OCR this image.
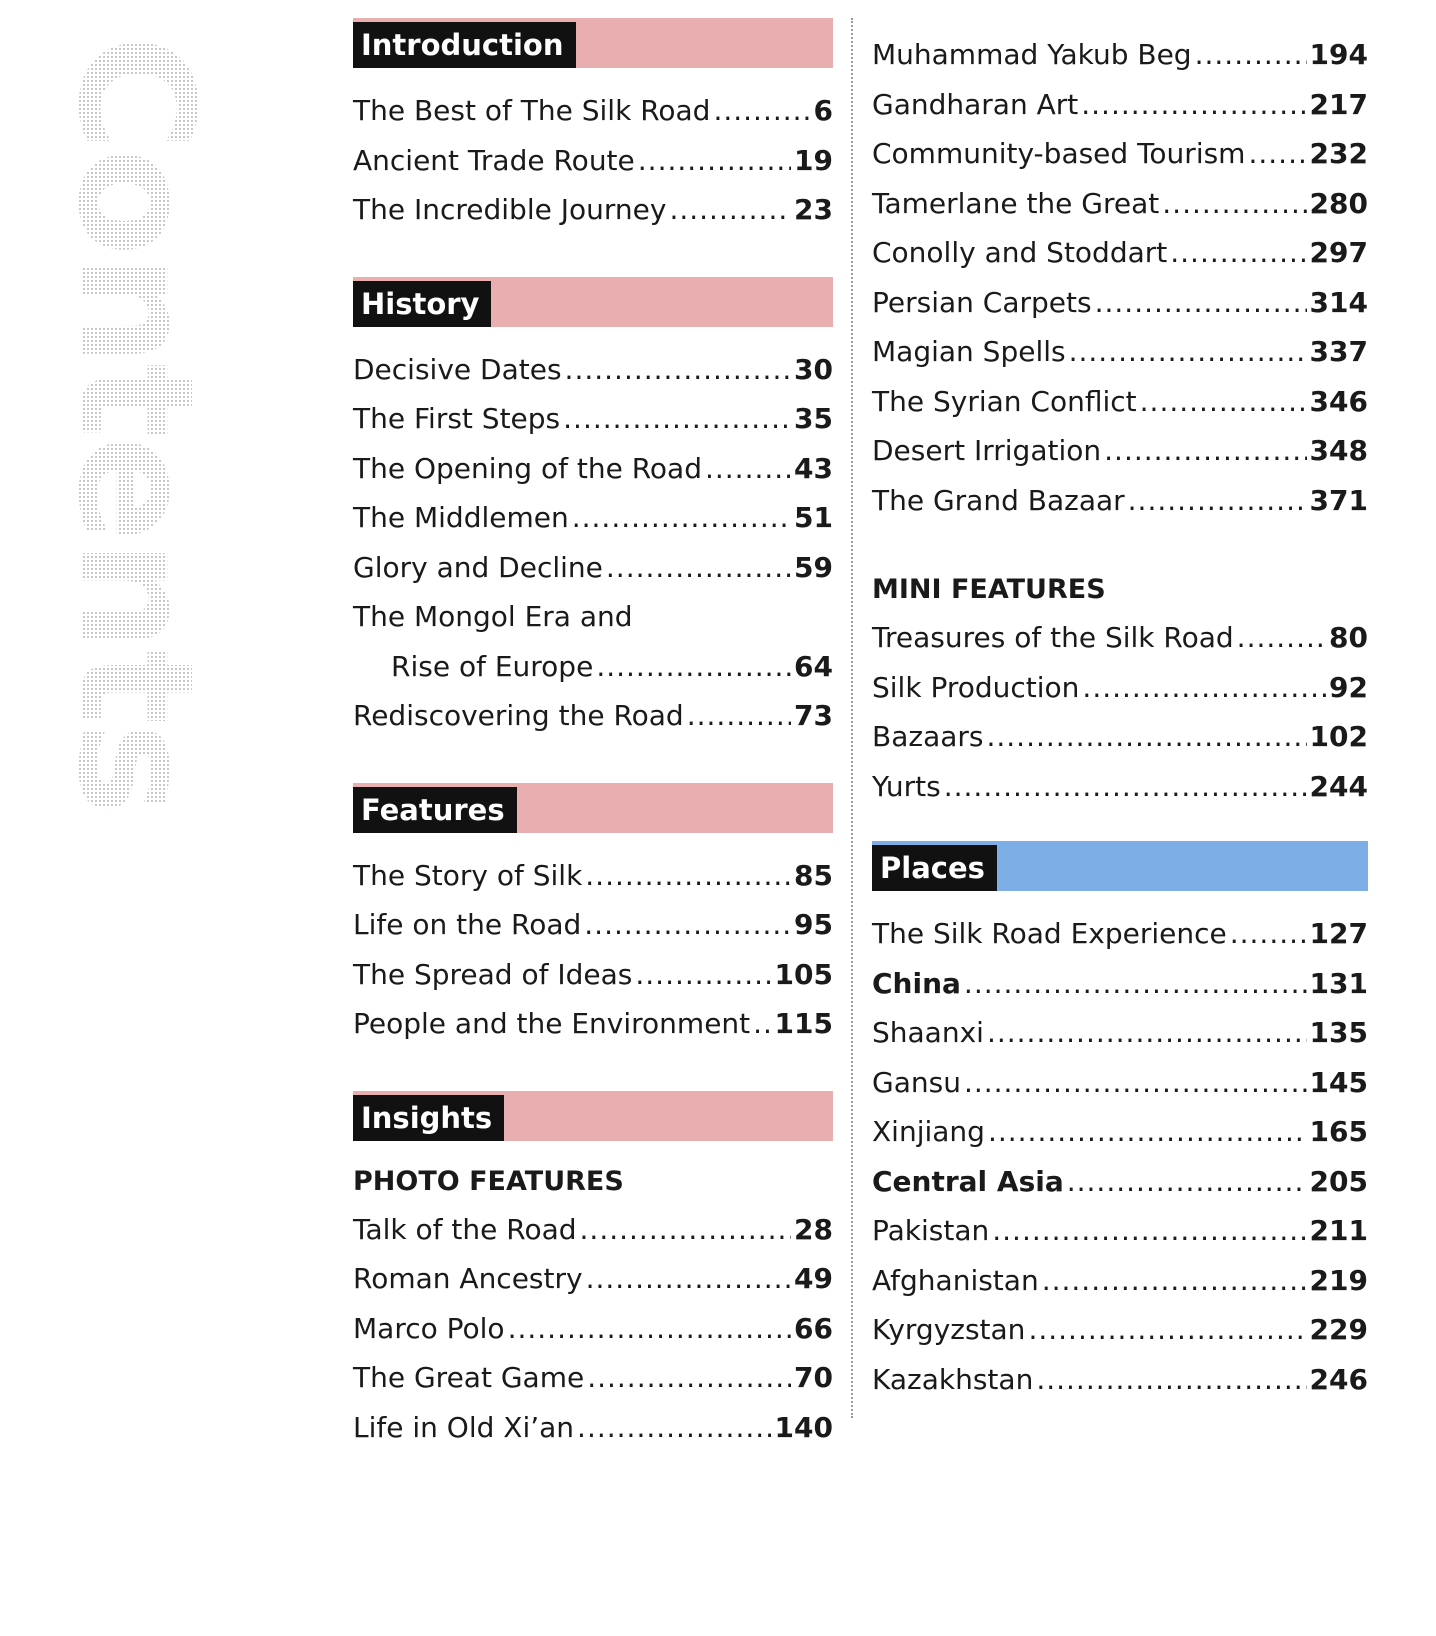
Contents	Introduction
The Best of The Silk Road .....	6
Ancient Trade Route .....	19
The Incredible Journey .....	23
History
Decisive Dates .....	30
The First Steps .....	35
The Opening of the Road .....	43
The Middlemen .....	51
Glory and Decline .....	59
The Mongol Era and
Rise of Europe .....	64
Rediscovering the Road .....	73
Features
The Story of Silk .....	85
Life on the Road .....	95
The Spread of Ideas .....	105
People and the Environment ..... 115
Insights
PHOTO FEATURES
Talk of the Road .....	28
Roman Ancestry .....	49
Marco Polo .....	66
The Great Game .....	70
Life in Old Xi’an .....	140
Muhammad Yakub Beg .....	194
Gandharan Art .....	217
Community-based Tourism ..... 232
Tamerlane the Great .....	280
Conolly and Stoddart .....	297
Persian Carpets .....	314
Magian Spells .....	337
The Syrian Conflict .....	346
Desert Irrigation .....	348
The Grand Bazaar .....	371
MINI FEATURES
Treasures of the Silk Road .....	80
Silk Production .....	92
Bazaars .....	102
Yurts .....	244
Places
The Silk Road Experience .....	127
China .....	131
Shaanxi .....	135
Gansu .....	145
Xinjiang .....	165
Central Asia .....	205
Pakistan .....	211
Afghanistan .....	219
Kyrgyzstan .....	229
Kazakhstan .....	246
